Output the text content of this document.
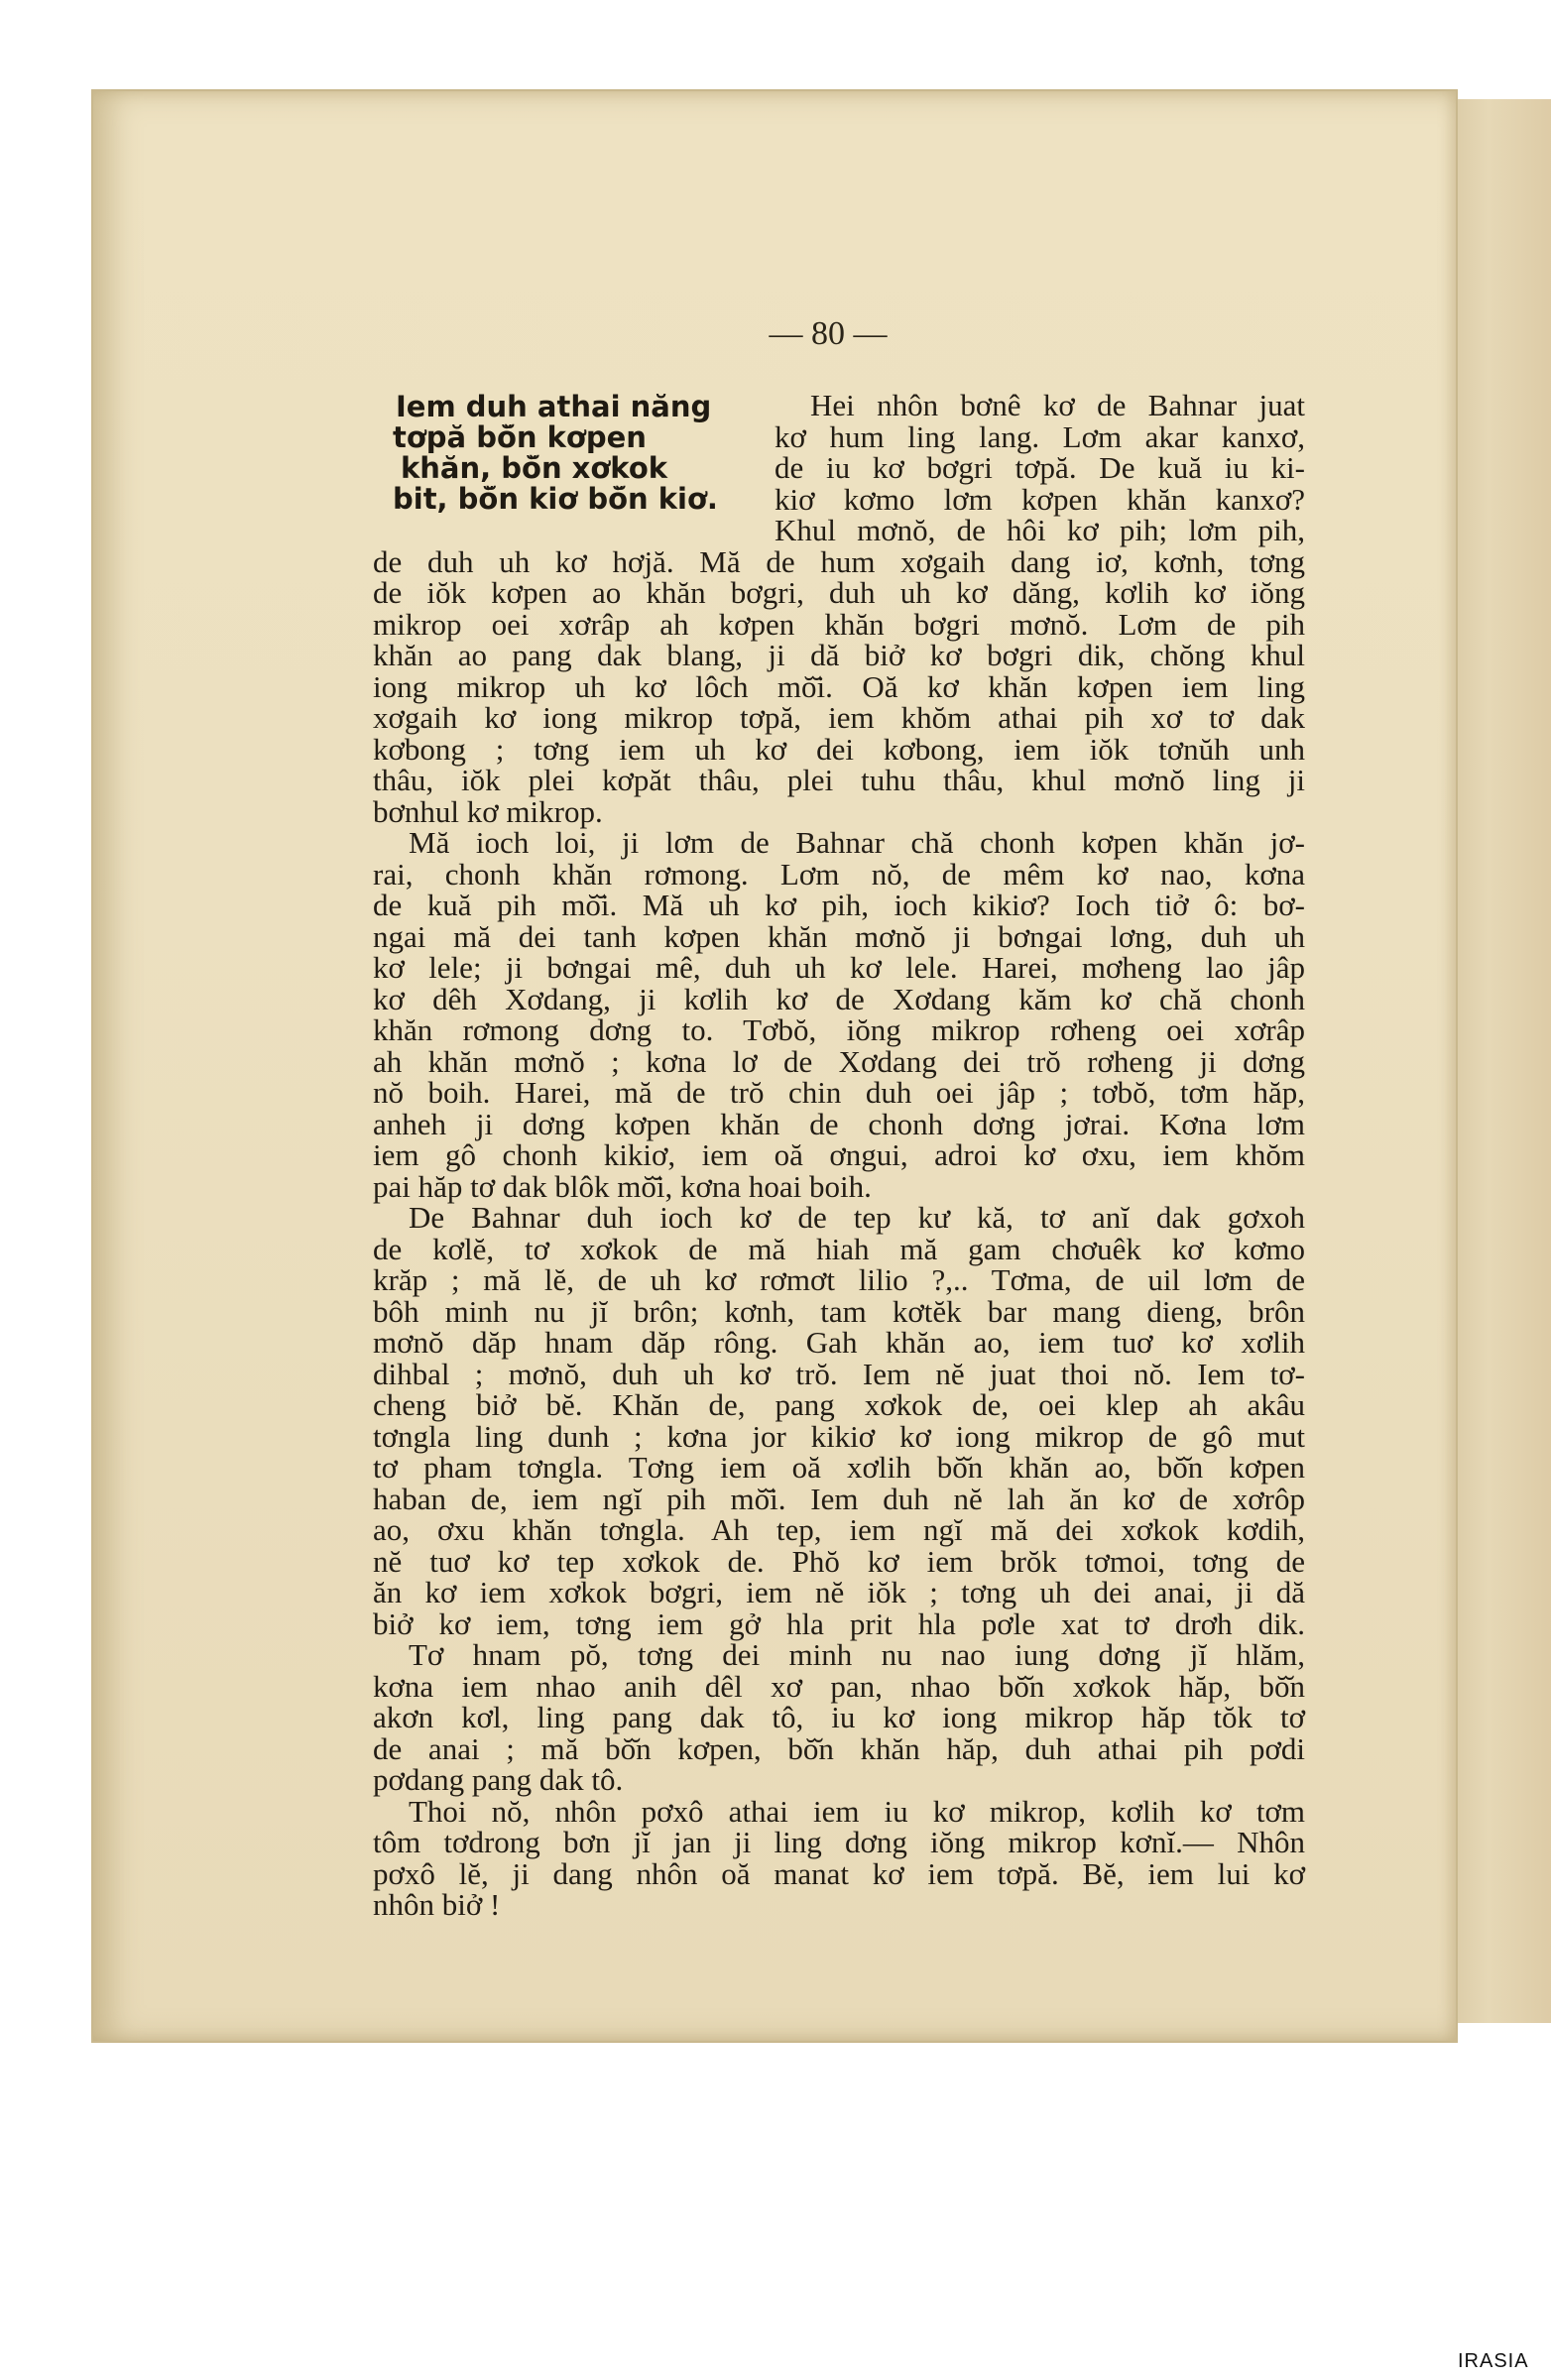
— 80 —
Iem duh athai năng
tơpă bŏ̆n kơpen
khăn, bŏ̆n xơkok
bit, bŏ̆n kiơ bŏ̆n kiơ.
Hei nhôn bơnê kơ de Bahnar juat
kơ hum ling lang. Lơm akar kanxơ,
de iu kơ bơgri tơpă. De kuă iu ki-
kiơ kơmo lơm kơpen khăn kanxơ?
Khul mơnŏ, de hôi kơ pih; lơm pih,
de duh uh kơ hơjă. Mă de hum xơgaih dang iơ, kơnh, tơng
de iŏk kơpen ao khăn bơgri, duh uh kơ dăng, kơlih kơ iŏng
mikrop oei xơrâp ah kơpen khăn bơgri mơnŏ. Lơm de pih
khăn ao pang dak blang, ji dă biở kơ bơgri dik, chŏng khul
iong mikrop uh kơ lôch mŏ̆i. Oă kơ khăn kơpen iem ling
xơgaih kơ iong mikrop tơpă, iem khŏm athai pih xơ tơ dak
kơbong ; tơng iem uh kơ dei kơbong, iem iŏk tơnŭh unh
thâu, iŏk plei kơpăt thâu, plei tuhu thâu, khul mơnŏ ling ji
bơnhul kơ mikrop.
Mă ioch loi, ji lơm de Bahnar chă chonh kơpen khăn jơ-
rai, chonh khăn rơmong. Lơm nŏ, de mêm kơ nao, kơna
de kuă pih mŏ̆i. Mă uh kơ pih, ioch kikiơ? Ioch tiở ô: bơ-
ngai mă dei tanh kơpen khăn mơnŏ ji bơngai lơng, duh uh
kơ lele; ji bơngai mê, duh uh kơ lele. Harei, mơheng lao jâp
kơ dêh Xơdang, ji kơlih kơ de Xơdang kăm kơ chă chonh
khăn rơmong dơng to. Tơbŏ, iŏng mikrop rơheng oei xơrâp
ah khăn mơnŏ ; kơna lơ de Xơdang dei trŏ rơheng ji dơng
nŏ boih. Harei, mă de trŏ chin duh oei jâp ; tơbŏ, tơm hăp,
anheh ji dơng kơpen khăn de chonh dơng jơrai. Kơna lơm
iem gô chonh kikiơ, iem oă ơngui, adroi kơ ơxu, iem khŏm
pai hăp tơ dak blôk mŏ̆i, kơna hoai boih.
De Bahnar duh ioch kơ de tep kư kă, tơ anĭ dak gơxoh
de kơlĕ, tơ xơkok de mă hiah mă gam chơuêk kơ kơmo
krăp ; mă lĕ, de uh kơ rơmơt lilio ?,.. Tơma, de uil lơm de
bôh minh nu jĭ brôn; kơnh, tam kơtĕk bar mang dieng, brôn
mơnŏ dăp hnam dăp rông. Gah khăn ao, iem tuơ kơ xơlih
dihbal ; mơnŏ, duh uh kơ trŏ. Iem nĕ juat thoi nŏ. Iem tơ-
cheng biở bĕ. Khăn de, pang xơkok de, oei klep ah akâu
tơngla ling dunh ; kơna jor kikiơ kơ iong mikrop de gô mut
tơ pham tơngla. Tơng iem oă xơlih bŏ̆n khăn ao, bŏ̆n kơpen
haban de, iem ngĭ pih mŏ̆i. Iem duh nĕ lah ăn kơ de xơrôp
ao, ơxu khăn tơngla. Ah tep, iem ngĭ mă dei xơkok kơdih,
nĕ tuơ kơ tep xơkok de. Phŏ kơ iem brŏk tơmoi, tơng de
ăn kơ iem xơkok bơgri, iem nĕ iŏk ; tơng uh dei anai, ji dă
biở kơ iem, tơng iem gở hla prit hla pơle xat tơ drơh dik.
Tơ hnam pŏ, tơng dei minh nu nao iung dơng jĭ hlăm,
kơna iem nhao anih dêl xơ pan, nhao bŏ̆n xơkok hăp, bŏ̆n
akơn kơl, ling pang dak tô, iu kơ iong mikrop hăp tŏk tơ
de anai ; mă bŏ̆n kơpen, bŏ̆n khăn hăp, duh athai pih pơdi
pơdang pang dak tô.
Thoi nŏ, nhôn pơxô athai iem iu kơ mikrop, kơlih kơ tơm
tôm tơdrong bơn jĭ jan ji ling dơng iŏng mikrop kơnĭ.— Nhôn
pơxô lĕ, ji dang nhôn oă manat kơ iem tơpă. Bĕ, iem lui kơ
nhôn biở !
IRASIA
